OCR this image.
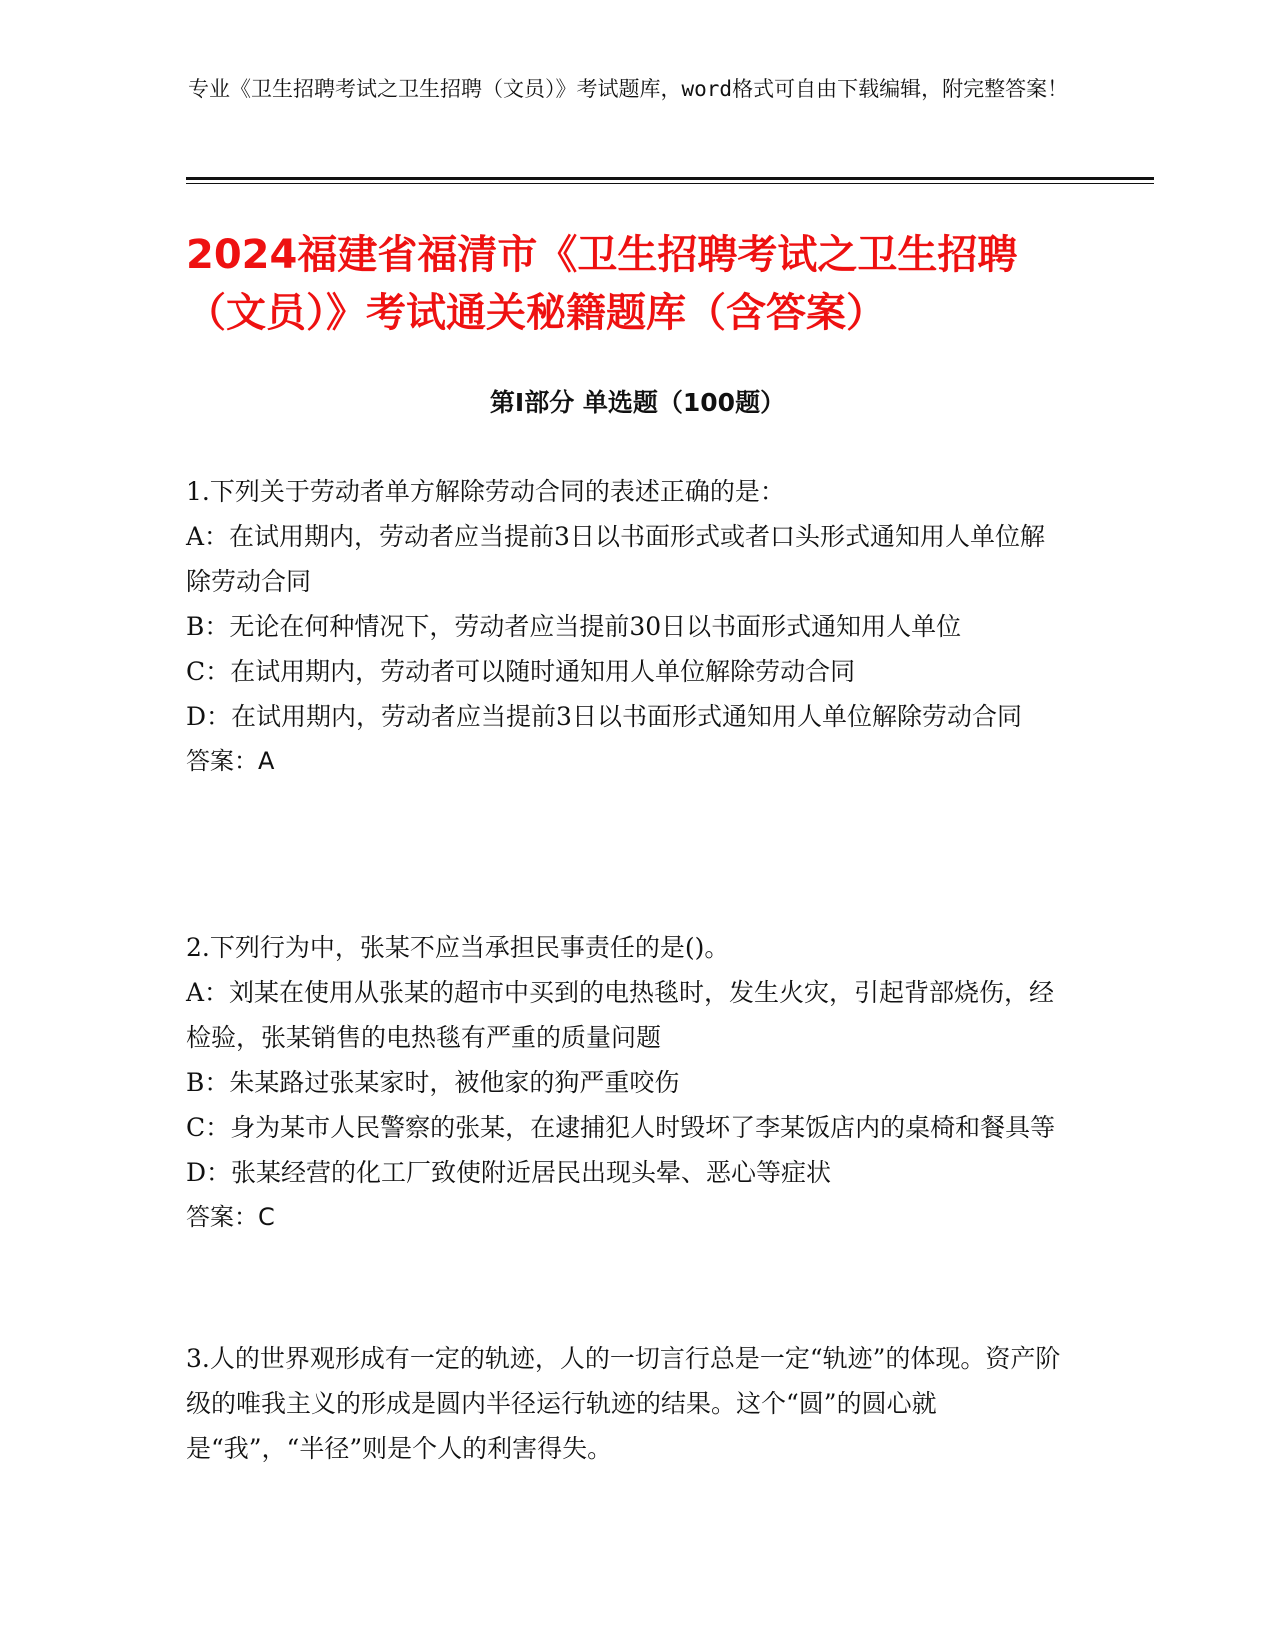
专业《卫生招聘考试之卫生招聘（文员）》考试题库，word格式可自由下载编辑，附完整答案！
2024福建省福清市《卫生招聘考试之卫生招聘（文员）》考试通关秘籍题库（含答案）
第Ⅰ部分 单选题（100题）

1.下列关于劳动者单方解除劳动合同的表述正确的是：

A：在试用期内，劳动者应当提前3日以书面形式或者口头形式通知用人单位解除劳动合同

B：无论在何种情况下，劳动者应当提前30日以书面形式通知用人单位

C：在试用期内，劳动者可以随时通知用人单位解除劳动合同

D：在试用期内，劳动者应当提前3日以书面形式通知用人单位解除劳动合同

答案：A

2.下列行为中，张某不应当承担民事责任的是()。

A：刘某在使用从张某的超市中买到的电热毯时，发生火灾，引起背部烧伤，经检验，张某销售的电热毯有严重的质量问题

B：朱某路过张某家时，被他家的狗严重咬伤

C：身为某市人民警察的张某，在逮捕犯人时毁坏了李某饭店内的桌椅和餐具等

D：张某经营的化工厂致使附近居民出现头晕、恶心等症状

答案：C

3.人的世界观形成有一定的轨迹，人的一切言行总是一定“轨迹”的体现。资产阶级的唯我主义的形成是圆内半径运行轨迹的结果。这个“圆”的圆心就是“我”，“半径”则是个人的利害得失。
